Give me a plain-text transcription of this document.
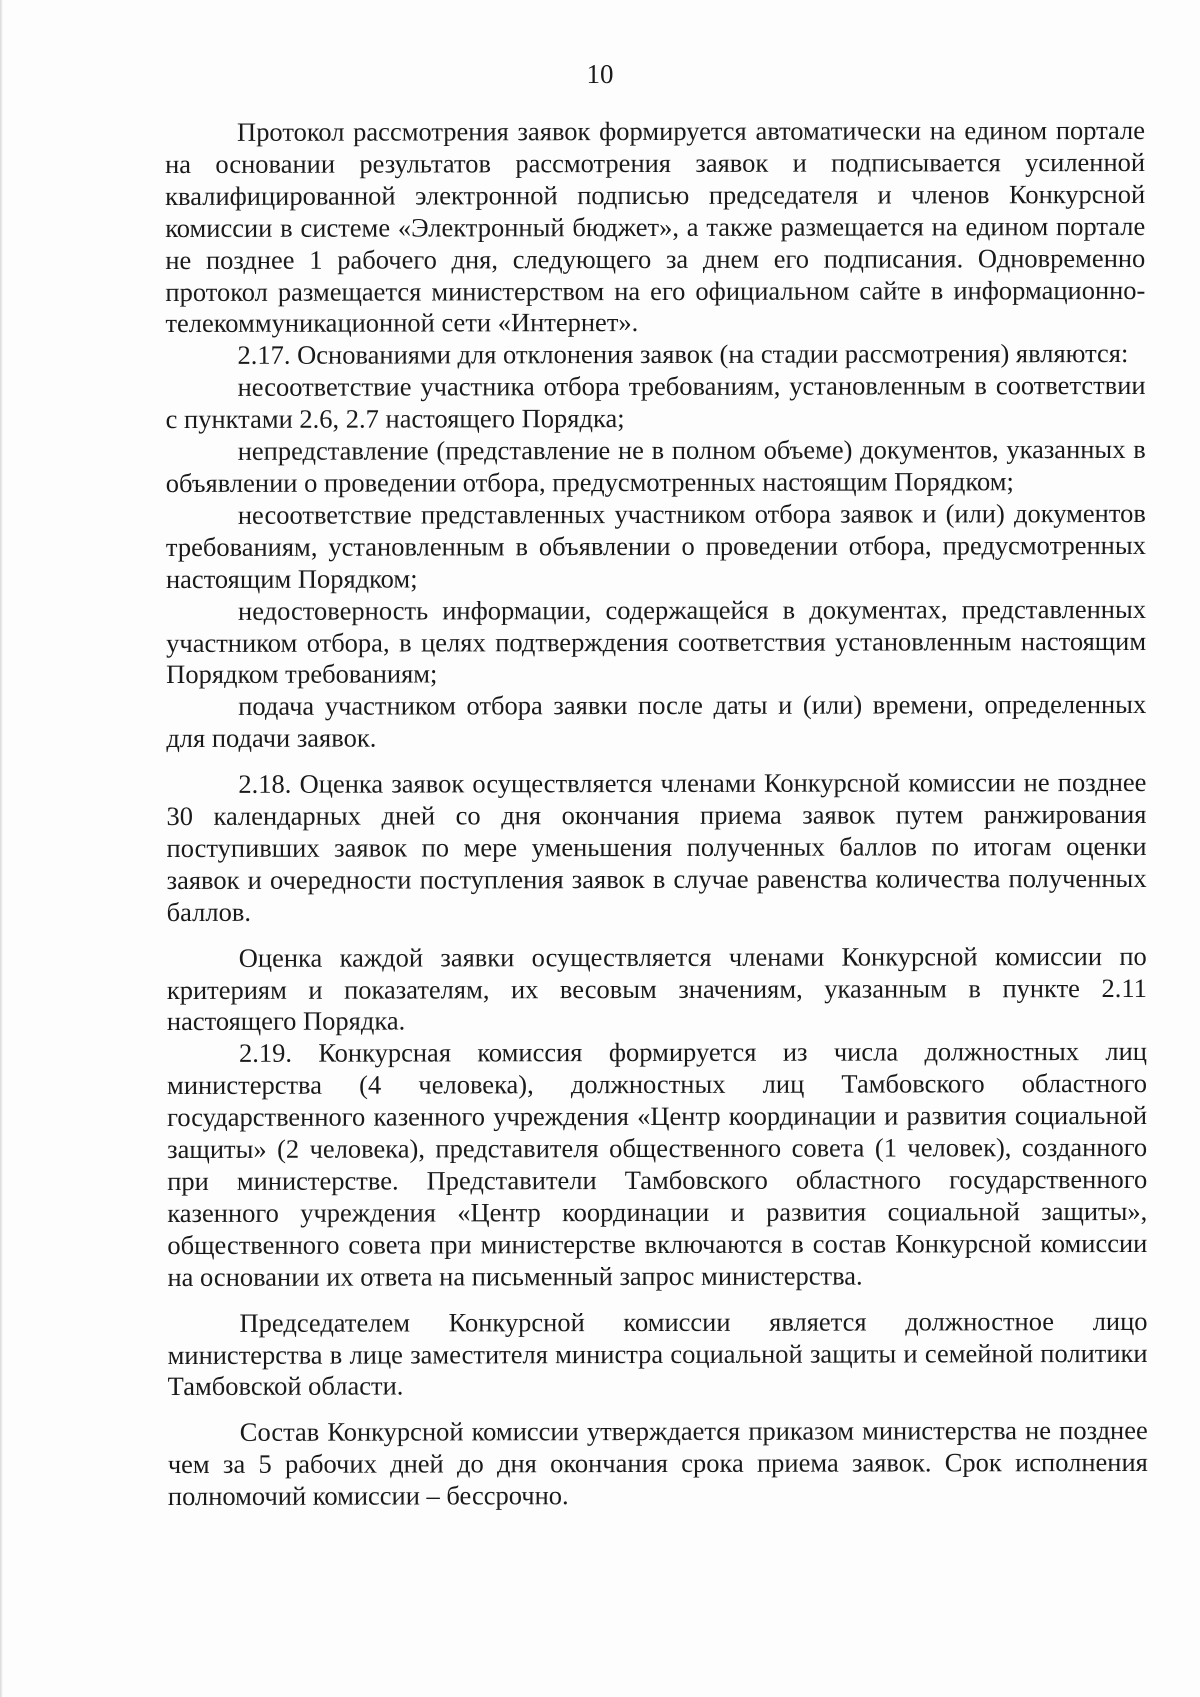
10

Протокол рассмотрения заявок формируется автоматически на едином портале на основании результатов рассмотрения заявок и подписывается усиленной квалифицированной электронной подписью председателя и членов Конкурсной комиссии в системе «Электронный бюджет», а также размещается на едином портале не позднее 1 рабочего дня, следующего за днем его подписания. Одновременно протокол размещается министерством на его официальном сайте в информационно-телекоммуникационной сети «Интернет».

2.17. Основаниями для отклонения заявок (на стадии рассмотрения) являются:

несоответствие участника отбора требованиям, установленным в соответствии с пунктами 2.6, 2.7 настоящего Порядка;

непредставление (представление не в полном объеме) документов, указанных в объявлении о проведении отбора, предусмотренных настоящим Порядком;

несоответствие представленных участником отбора заявок и (или) документов требованиям, установленным в объявлении о проведении отбора, предусмотренных настоящим Порядком;

недостоверность информации, содержащейся в документах, представленных участником отбора, в целях подтверждения соответствия установленным настоящим Порядком требованиям;

подача участником отбора заявки после даты и (или) времени, определенных для подачи заявок.

2.18. Оценка заявок осуществляется членами Конкурсной комиссии не позднее 30 календарных дней со дня окончания приема заявок путем ранжирования поступивших заявок по мере уменьшения полученных баллов по итогам оценки заявок и очередности поступления заявок в случае равенства количества полученных баллов.

Оценка каждой заявки осуществляется членами Конкурсной комиссии по критериям и показателям, их весовым значениям, указанным в пункте 2.11 настоящего Порядка.

2.19. Конкурсная комиссия формируется из числа должностных лиц министерства (4 человека), должностных лиц Тамбовского областного государственного казенного учреждения «Центр координации и развития социальной защиты» (2 человека), представителя общественного совета (1 человек), созданного при министерстве. Представители Тамбовского областного государственного казенного учреждения «Центр координации и развития социальной защиты», общественного совета при министерстве включаются в состав Конкурсной комиссии на основании их ответа на письменный запрос министерства.

Председателем Конкурсной комиссии является должностное лицо министерства в лице заместителя министра социальной защиты и семейной политики Тамбовской области.

Состав Конкурсной комиссии утверждается приказом министерства не позднее чем за 5 рабочих дней до дня окончания срока приема заявок. Срок исполнения полномочий комиссии – бессрочно.
